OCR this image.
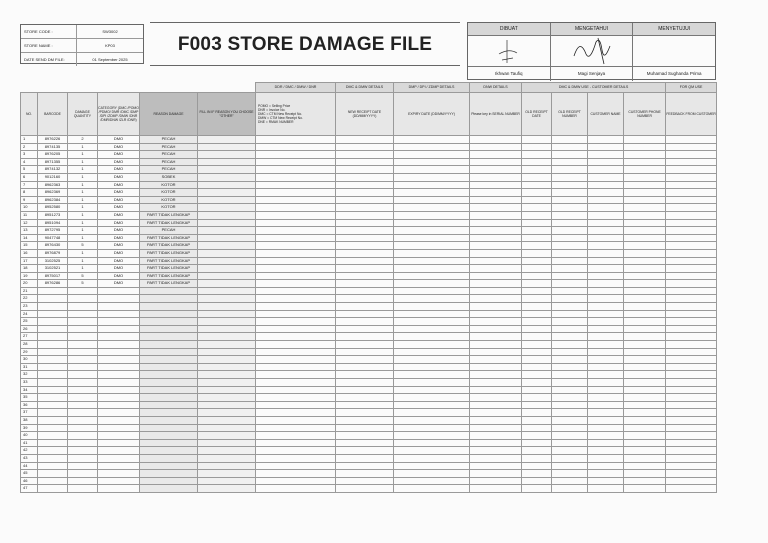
STORE CODE :	SW3002
STORE NAME :	KP03
DATE SEND DM FILE:	01 September 2025
F003 STORE DAMAGE FILE
DIBUAT	MENGETAHUI	MENYETUJUI
Ikhwan Taufiq	Magi Senjaya	Muhamad Sughanda Prima
						DDR / DMC / DMW / DNR	DMC & DMW DETAILS	DMP / DPI / ZDMP DETAILS	DNW DETAILS	DMC & DMW USE - CUSTOMER DETAILS				FOR QM USE
NO.	BARCODE	DAMAGE QUANTITY	CATEGORY (DMC /POMO /PDMO/ DMR /DMC /DMP /DPI /ZDMP /DMW /DNR /DMR/DNW /ZLR /DNR)	REASON DAMAGE	FILL IN IF REASON YOU CHOOSE "OTHER"	POMO = Selling Price
DNR = Invoice No.
DMC = CTM New Receipt No.
DMW = CTM New Receipt No.
DNE = RMAK NUMBER	NEW RECEIPT DATE (DD/MM/YYYY)	EXPIRY DATE (DD/MM/YYYY)	Please key in SERIAL NUMBER	OLD RECEIPT DATE	OLD RECEIPT NUMBER	CUSTOMER NAME	CUSTOMER PHONE NUMBER	FEEDBACK FROM CUSTOMER
1	8976226	2	DMO	PECAH										
2	8974135	1	DMO	PECAH										
3	8976205	1	DMO	PECAH										
4	8971355	1	DMO	PECAH										
5	8974132	1	DMO	PECAH										
6	9012160	1	DMO	SOBEK										
7	8962363	1	DMO	KOTOR										
8	8962369	1	DMO	KOTOR										
9	8962384	1	DMO	KOTOR										
10	8952580	1	DMO	KOTOR										
11	8951273	1	DMO	PART TIDAK LENGKAP										
12	8951094	1	DMO	PART TIDAK LENGKAP										
13	8972795	1	DMO	PECAH										
14	9047748	1	DMO	PART TIDAK LENGKAP										
15	8976430	5	DMO	PART TIDAK LENGKAP										
16	8976879	1	DMO	PART TIDAK LENGKAP										
17	3102525	1	DMO	PART TIDAK LENGKAP										
18	3102521	1	DMO	PART TIDAK LENGKAP										
19	8975017	5	DMO	PART TIDAK LENGKAP										
20	8976286	5	DMO	PART TIDAK LENGKAP										
21														
22														
23														
24														
25														
26														
27														
28														
29														
30														
31														
32														
33														
34														
35														
36														
37														
38														
39														
40														
41														
42														
43														
44														
45														
46														
47														
